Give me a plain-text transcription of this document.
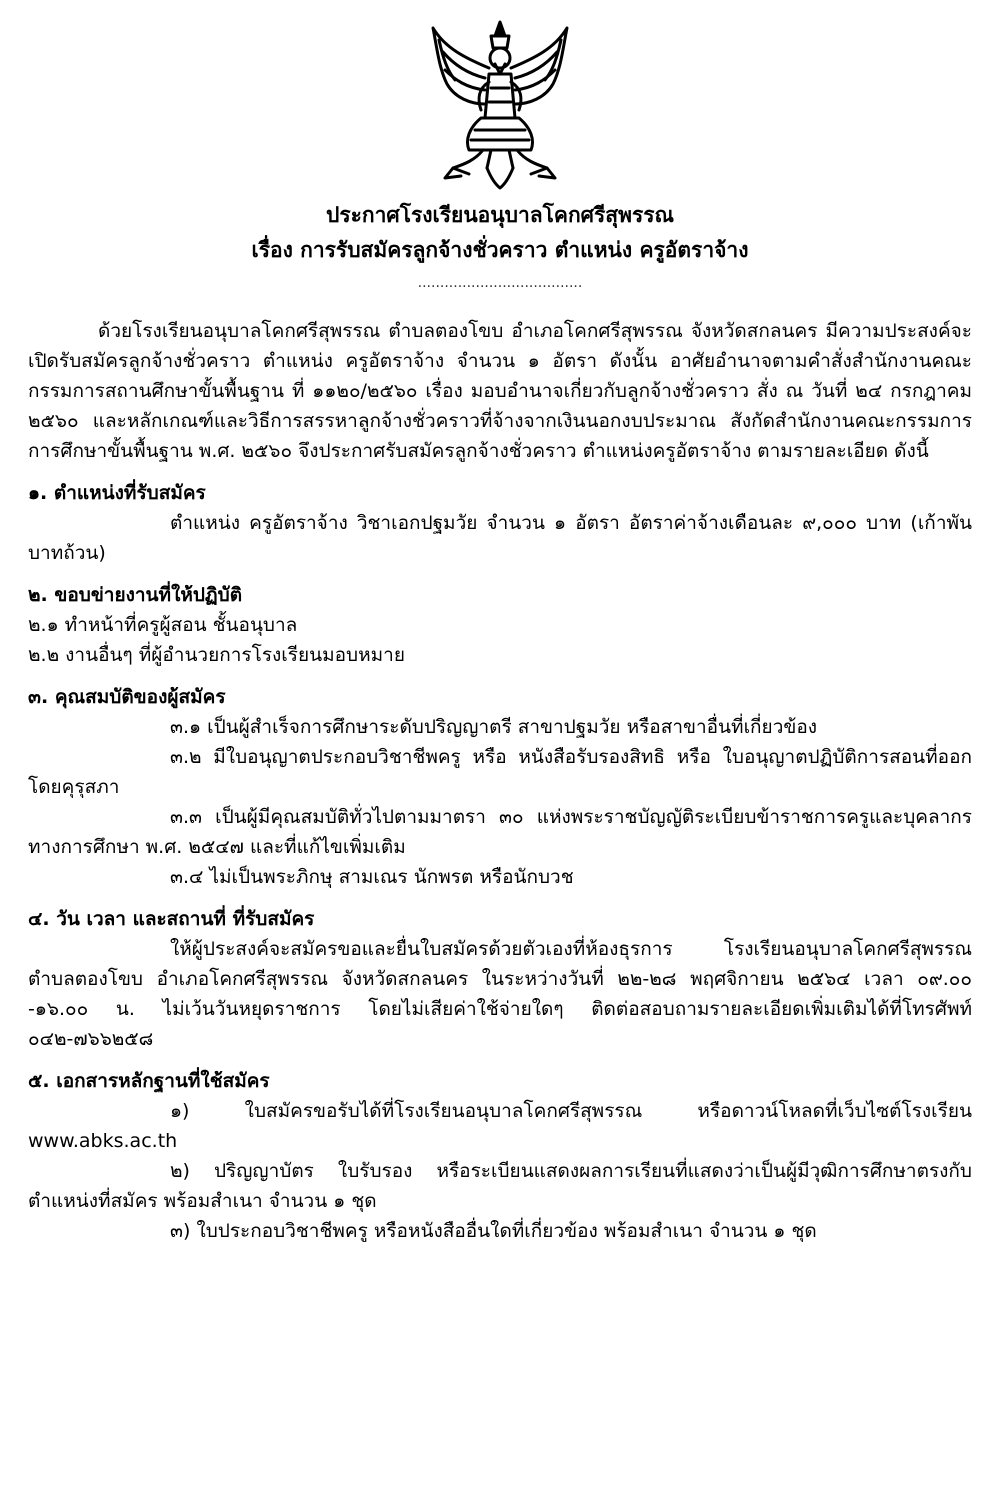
ประกาศโรงเรียนอนุบาลโคกศรีสุพรรณ
เรื่อง การรับสมัครลูกจ้างชั่วคราว ตำแหน่ง ครูอัตราจ้าง
.....................................

ด้วยโรงเรียนอนุบาลโคกศรีสุพรรณ ตำบลตองโขบ อำเภอโคกศรีสุพรรณ จังหวัดสกลนคร มีความประสงค์จะเปิดรับสมัครลูกจ้างชั่วคราว ตำแหน่ง ครูอัตราจ้าง จำนวน ๑ อัตรา ดังนั้น อาศัยอำนาจตามคำสั่งสำนักงานคณะกรรมการสถานศึกษาขั้นพื้นฐาน ที่ ๑๑๒๐/๒๕๖๐ เรื่อง มอบอำนาจเกี่ยวกับลูกจ้างชั่วคราว สั่ง ณ วันที่ ๒๔ กรกฎาคม ๒๕๖๐ และหลักเกณฑ์และวิธีการสรรหาลูกจ้างชั่วคราวที่จ้างจากเงินนอกงบประมาณ สังกัดสำนักงานคณะกรรมการการศึกษาขั้นพื้นฐาน พ.ศ. ๒๕๖๐ จึงประกาศรับสมัครลูกจ้างชั่วคราว ตำแหน่งครูอัตราจ้าง ตามรายละเอียด ดังนี้

๑. ตำแหน่งที่รับสมัคร

ตำแหน่ง ครูอัตราจ้าง วิชาเอกปฐมวัย จำนวน ๑ อัตรา อัตราค่าจ้างเดือนละ ๙,๐๐๐ บาท (เก้าพันบาทถ้วน)

๒. ขอบข่ายงานที่ให้ปฏิบัติ

๒.๑ ทำหน้าที่ครูผู้สอน ชั้นอนุบาล

๒.๒ งานอื่นๆ ที่ผู้อำนวยการโรงเรียนมอบหมาย

๓. คุณสมบัติของผู้สมัคร

๓.๑ เป็นผู้สำเร็จการศึกษาระดับปริญญาตรี สาขาปฐมวัย หรือสาขาอื่นที่เกี่ยวข้อง

๓.๒ มีใบอนุญาตประกอบวิชาชีพครู หรือ หนังสือรับรองสิทธิ หรือ ใบอนุญาตปฏิบัติการสอนที่ออกโดยคุรุสภา

๓.๓ เป็นผู้มีคุณสมบัติทั่วไปตามมาตรา ๓๐ แห่งพระราชบัญญัติระเบียบข้าราชการครูและบุคลากรทางการศึกษา พ.ศ. ๒๕๔๗ และที่แก้ไขเพิ่มเติม

๓.๔ ไม่เป็นพระภิกษุ สามเณร นักพรต หรือนักบวช

๔. วัน เวลา และสถานที่ ที่รับสมัคร

ให้ผู้ประสงค์จะสมัครขอและยื่นใบสมัครด้วยตัวเองที่ห้องธุรการ โรงเรียนอนุบาลโคกศรีสุพรรณ ตำบลตองโขบ อำเภอโคกศรีสุพรรณ จังหวัดสกลนคร ในระหว่างวันที่ ๒๒-๒๘ พฤศจิกายน ๒๕๖๔ เวลา ๐๙.๐๐ -๑๖.๐๐ น. ไม่เว้นวันหยุดราชการ โดยไม่เสียค่าใช้จ่ายใดๆ ติดต่อสอบถามรายละเอียดเพิ่มเติมได้ที่โทรศัพท์ ๐๔๒-๗๖๖๒๕๘

๕. เอกสารหลักฐานที่ใช้สมัคร

๑) ใบสมัครขอรับได้ที่โรงเรียนอนุบาลโคกศรีสุพรรณ หรือดาวน์โหลดที่เว็บไซต์โรงเรียน www.abks.ac.th

๒) ปริญญาบัตร ใบรับรอง หรือระเบียนแสดงผลการเรียนที่แสดงว่าเป็นผู้มีวุฒิการศึกษาตรงกับตำแหน่งที่สมัคร พร้อมสำเนา จำนวน ๑ ชุด

๓) ใบประกอบวิชาชีพครู หรือหนังสืออื่นใดที่เกี่ยวข้อง พร้อมสำเนา จำนวน ๑ ชุด
